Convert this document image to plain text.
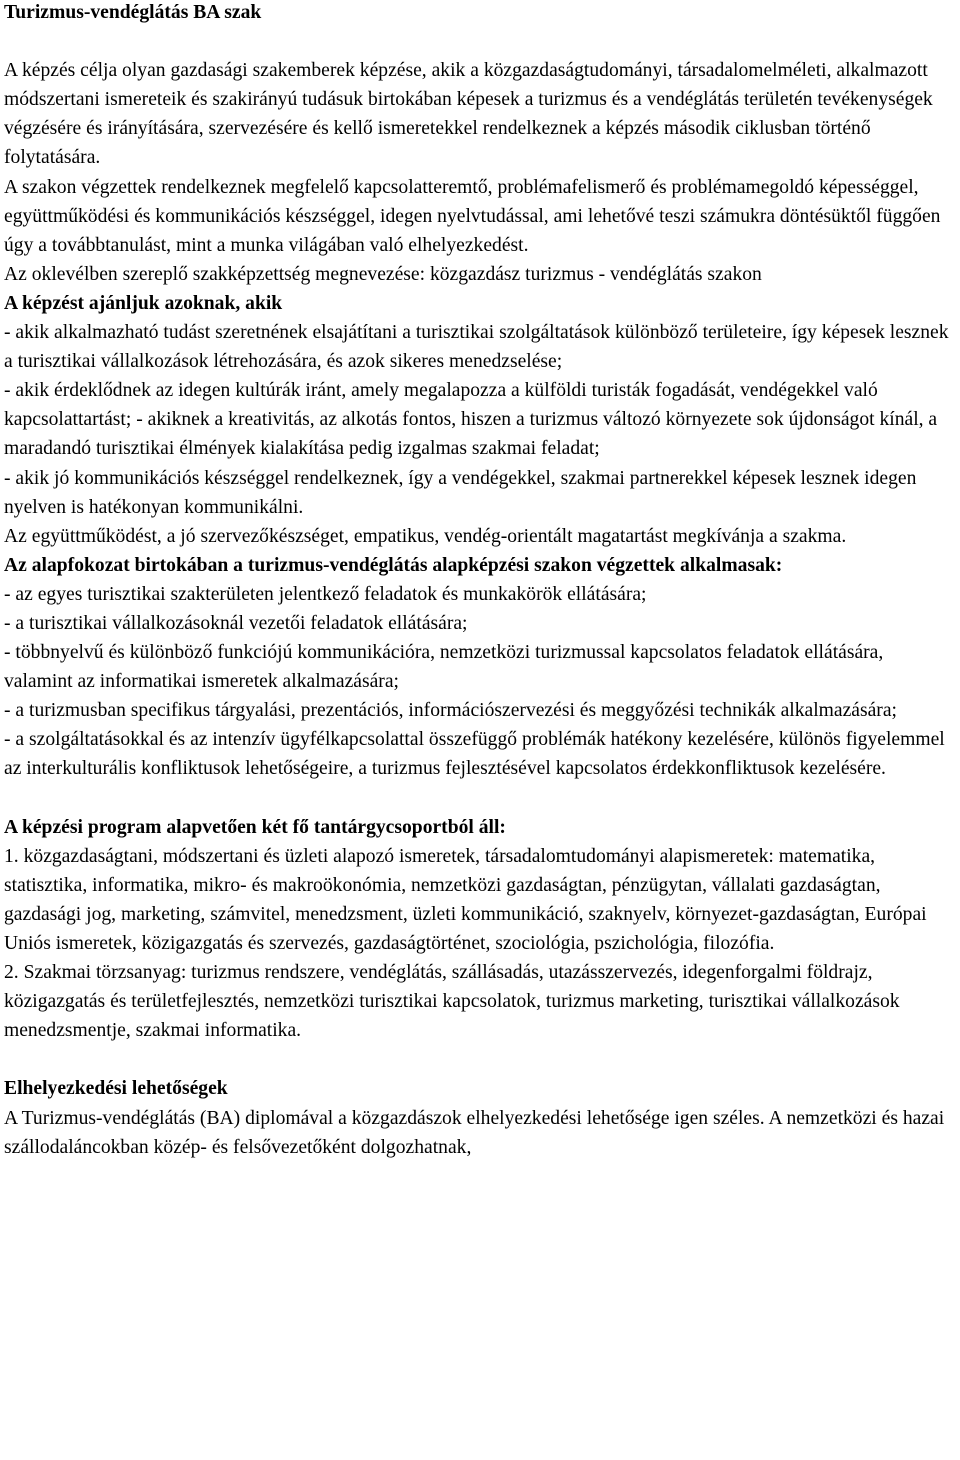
Turizmus-vendéglátás BA szak
A képzés célja olyan gazdasági szakemberek képzése, akik a közgazdaságtudományi, társadalomelméleti, alkalmazott módszertani ismereteik és szakirányú tudásuk birtokában képesek a turizmus és a vendéglátás területén tevékenységek végzésére és irányítására, szervezésére és kellő ismeretekkel rendelkeznek a képzés második ciklusban történő folytatására.
A szakon végzettek rendelkeznek megfelelő kapcsolatteremtő, problémafelismerő és problémamegoldó képességgel, együttműködési és kommunikációs készséggel, idegen nyelvtudással, ami lehetővé teszi számukra döntésüktől függően úgy a továbbtanulást, mint a munka világában való elhelyezkedést.
Az oklevélben szereplő szakképzettség megnevezése: közgazdász turizmus - vendéglátás szakon
A képzést ajánljuk azoknak, akik
- akik alkalmazható tudást szeretnének elsajátítani a turisztikai szolgáltatások különböző területeire, így képesek lesznek a turisztikai vállalkozások létrehozására, és azok sikeres menedzselése;
- akik érdeklődnek az idegen kultúrák iránt, amely megalapozza a külföldi turisták fogadását, vendégekkel való kapcsolattartást; - akiknek a kreativitás, az alkotás fontos, hiszen a turizmus változó környezete sok újdonságot kínál, a maradandó turisztikai élmények kialakítása pedig izgalmas szakmai feladat;
- akik jó kommunikációs készséggel rendelkeznek, így a vendégekkel, szakmai partnerekkel képesek lesznek idegen nyelven is hatékonyan kommunikálni.
Az együttműködést, a jó szervezőkészséget, empatikus, vendég-orientált magatartást megkívánja a szakma.
Az alapfokozat birtokában a turizmus-vendéglátás alapképzési szakon végzettek alkalmasak:
- az egyes turisztikai szakterületen jelentkező feladatok és munkakörök ellátására;
- a turisztikai vállalkozásoknál vezetői feladatok ellátására;
- többnyelvű és különböző funkciójú kommunikációra, nemzetközi turizmussal kapcsolatos feladatok ellátására, valamint az informatikai ismeretek alkalmazására;
- a turizmusban specifikus tárgyalási, prezentációs, információszervezési és meggyőzési technikák alkalmazására;
- a szolgáltatásokkal és az intenzív ügyfélkapcsolattal összefüggő problémák hatékony kezelésére, különös figyelemmel az interkulturális konfliktusok lehetőségeire, a turizmus fejlesztésével kapcsolatos érdekkonfliktusok kezelésére.
A képzési program alapvetően két fő tantárgycsoportból áll:
1. közgazdaságtani, módszertani és üzleti alapozó ismeretek, társadalomtudományi alapismeretek: matematika, statisztika, informatika, mikro- és makroökonómia, nemzetközi gazdaságtan, pénzügytan, vállalati gazdaságtan, gazdasági jog, marketing, számvitel, menedzsment, üzleti kommunikáció, szaknyelv, környezet-gazdaságtan, Európai Uniós ismeretek, közigazgatás és szervezés, gazdaságtörténet, szociológia, pszichológia, filozófia.
2. Szakmai törzsanyag: turizmus rendszere, vendéglátás, szállásadás, utazásszervezés, idegenforgalmi földrajz, közigazgatás és területfejlesztés, nemzetközi turisztikai kapcsolatok, turizmus marketing, turisztikai vállalkozások menedzsmentje, szakmai informatika.
Elhelyezkedési lehetőségek
A Turizmus-vendéglátás (BA) diplomával a közgazdászok elhelyezkedési lehetősége igen széles. A nemzetközi és hazai szállodaláncokban közép- és felsővezetőként dolgozhatnak,
